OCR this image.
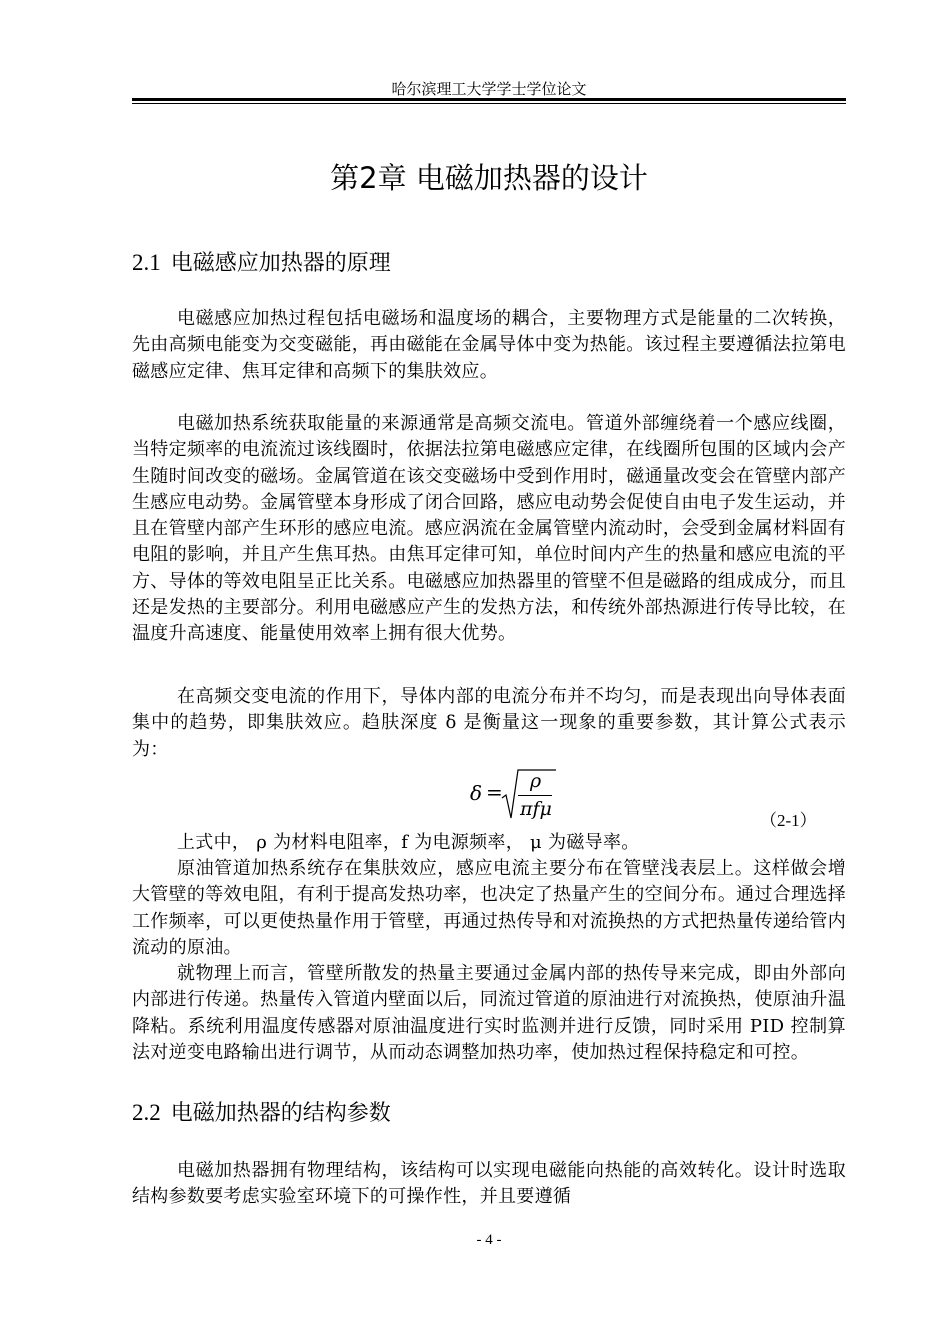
哈尔滨理工大学学士学位论文
第2章 电磁加热器的设计
2.1 电磁感应加热器的原理

电磁感应加热过程包括电磁场和温度场的耦合，主要物理方式是能量的二次转换，先由高频电能变为交变磁能，再由磁能在金属导体中变为热能。该过程主要遵循法拉第电磁感应定律、焦耳定律和高频下的集肤效应。

电磁加热系统获取能量的来源通常是高频交流电。管道外部缠绕着一个感应线圈，当特定频率的电流流过该线圈时，依据法拉第电磁感应定律，在线圈所包围的区域内会产生随时间改变的磁场。金属管道在该交变磁场中受到作用时，磁通量改变会在管壁内部产生感应电动势。金属管壁本身形成了闭合回路，感应电动势会促使自由电子发生运动，并且在管壁内部产生环形的感应电流。感应涡流在金属管壁内流动时，会受到金属材料固有电阻的影响，并且产生焦耳热。由焦耳定律可知，单位时间内产生的热量和感应电流的平方、导体的等效电阻呈正比关系。电磁感应加热器里的管壁不但是磁路的组成成分，而且还是发热的主要部分。利用电磁感应产生的发热方法，和传统外部热源进行传导比较，在温度升高速度、能量使用效率上拥有很大优势。

在高频交变电流的作用下，导体内部的电流分布并不均匀，而是表现出向导体表面集中的趋势，即集肤效应。趋肤深度 δ 是衡量这一现象的重要参数，其计算公式表示为：

δ = ρ
πfμ
（2-1）

上式中， ρ 为材料电阻率，f 为电源频率， μ 为磁导率。

原油管道加热系统存在集肤效应，感应电流主要分布在管壁浅表层上。这样做会增大管壁的等效电阻，有利于提高发热功率，也决定了热量产生的空间分布。通过合理选择工作频率，可以更使热量作用于管壁，再通过热传导和对流换热的方式把热量传递给管内流动的原油。

就物理上而言，管壁所散发的热量主要通过金属内部的热传导来完成，即由外部向内部进行传递。热量传入管道内壁面以后，同流过管道的原油进行对流换热，使原油升温降粘。系统利用温度传感器对原油温度进行实时监测并进行反馈，同时采用 PID 控制算法对逆变电路输出进行调节，从而动态调整加热功率，使加热过程保持稳定和可控。

2.2 电磁加热器的结构参数

电磁加热器拥有物理结构，该结构可以实现电磁能向热能的高效转化。设计时选取结构参数要考虑实验室环境下的可操作性，并且要遵循

- 4 -
